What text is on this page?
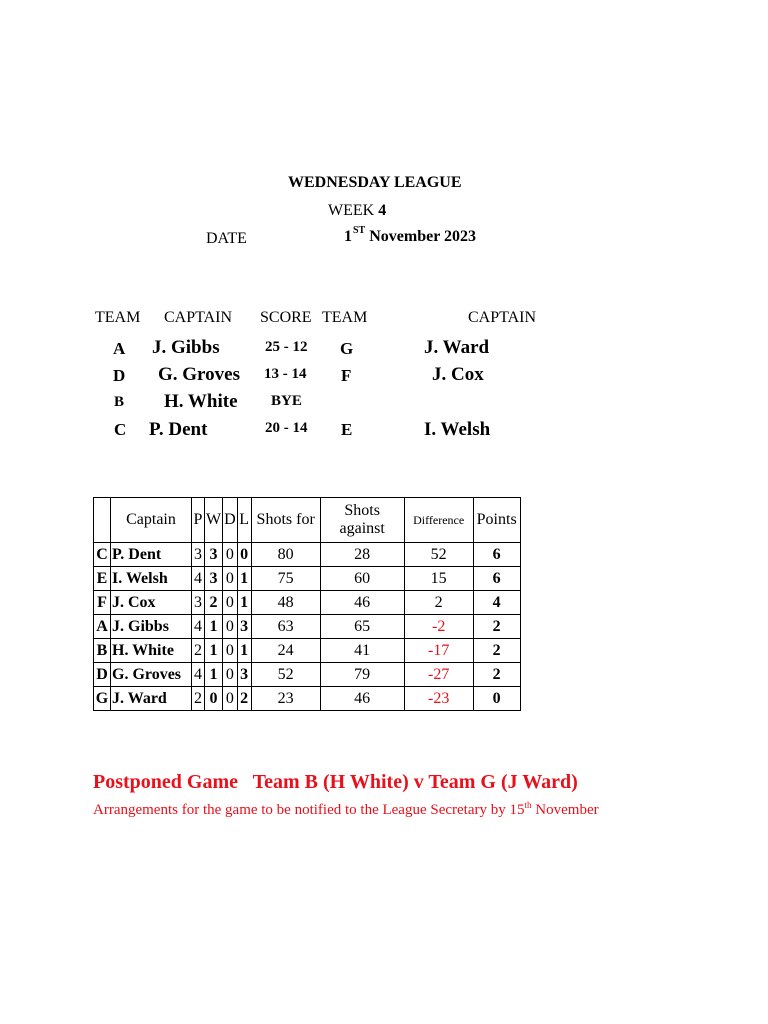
WEDNESDAY LEAGUE
WEEK 4
DATE	1ST November 2023
TEAM CAPTAIN SCORE TEAM	CAPTAIN
A J. Gibbs	25 - 12 G	J. Ward
D G. Groves 13 - 14 F	J. Cox
B H. White BYE
C P. Dent	20 - 14 E	I. Welsh
	Captain	P	W	D	L	Shots for	Shots against	Difference	Points
C	P. Dent	3	3	0	0	80	28	52	6
E	I. Welsh	4	3	0	1	75	60	15	6
F	J. Cox	3	2	0	1	48	46	2	4
A	J. Gibbs	4	1	0	3	63	65	-2	2
B	H. White	2	1	0	1	24	41	-17	2
D	G. Groves	4	1	0	3	52	79	-27	2
G	J. Ward	2	0	0	2	23	46	-23	0
Postponed Game   Team B (H White) v Team G (J Ward)
Arrangements for the game to be notified to the League Secretary by 15th November
